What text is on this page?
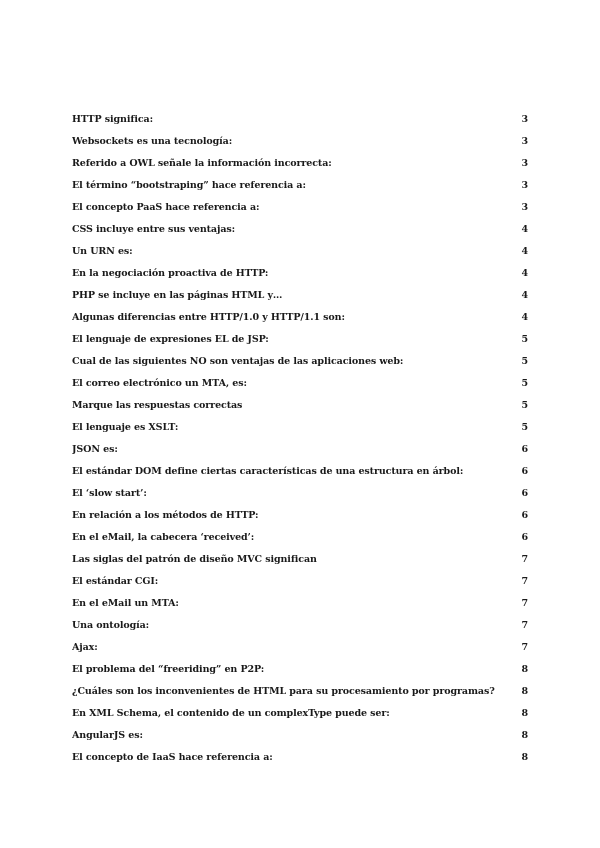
HTTP significa:	3
Websockets es una tecnología:	3
Referido a OWL señale la información incorrecta:	3
El término “bootstraping” hace referencia a:	3
El concepto PaaS hace referencia a:	3
CSS incluye entre sus ventajas:	4
Un URN es:	4
En la negociación proactiva de HTTP:	4
PHP se incluye en las páginas HTML y…	4
Algunas diferencias entre HTTP/1.0 y HTTP/1.1 son:	4
El lenguaje de expresiones EL de JSP:	5
Cual de las siguientes NO son ventajas de las aplicaciones web:	5
El correo electrónico un MTA, es:	5
Marque las respuestas correctas	5
El lenguaje es XSLT:	5
JSON es:	6
El estándar DOM define ciertas características de una estructura en árbol:	6
El ‘slow start’:	6
En relación a los métodos de HTTP:	6
En el eMail, la cabecera ‘received’:	6
Las siglas del patrón de diseño MVC significan	7
El estándar CGI:	7
En el eMail un MTA:	7
Una ontología:	7
Ajax:	7
El problema del “freeriding” en P2P:	8
¿Cuáles son los inconvenientes de HTML para su procesamiento por programas?	8
En XML Schema, el contenido de un complexType puede ser:	8
AngularJS es:	8
El concepto de IaaS hace referencia a:	8
